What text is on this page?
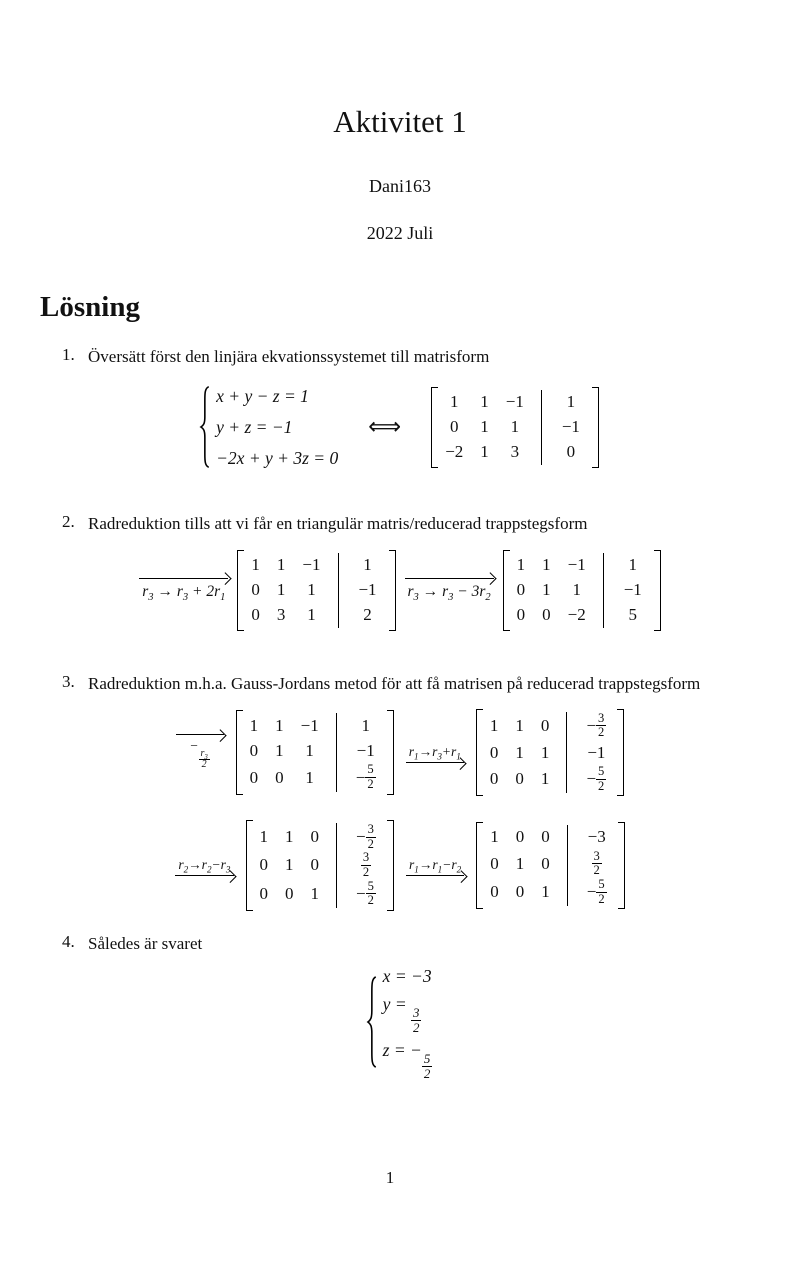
Aktivitet 1
Dani163
2022 Juli
Lösning
1. Översätt först den linjära ekvationssystemet till matrisform
x + y − z = 1
y + z = −1
−2x + y + 3z = 0
⟺
1 1 −1	1
0 1 1	−1
−2 1 3	0
2. Radreduktion tills att vi får en triangulär matris/reducerad trappstegsform
$r_3 \to r_3 + 2r_1$
1 1 −1	1
0 1 1	−1
0 3 1	2
$r_3 \to r_3 - 3r_2$
1 1 −1	1
0 1 1	−1
0 0 −2	5
3. Radreduktion m.h.a. Gauss-Jordans metod för att få matrisen på reducerad trappstegsform
−
$\frac{r_3}{2}$
1 1 −1	1
0 1 1	−1
0 0 1	− $\frac{5}{2}$
$r_1\to r_3+r_1$
1 1 0	− $\frac{3}{2}$
0 1 1	−1
0 0 1	− $\frac{5}{2}$
$r_2\to r_2-r_3$
1 1 0	− $\frac{3}{2}$
0 1 0	$\frac{3}{2}$
0 0 1	− $\frac{5}{2}$
$r_1\to r_1-r_2$
1 0 0	−3
0 1 0	$\frac{3}{2}$
0 0 1	− $\frac{5}{2}$
4. Således är svaret
x = −3
y =
$\frac{3}{2}$
z = −
$\frac{5}{2}$
1
